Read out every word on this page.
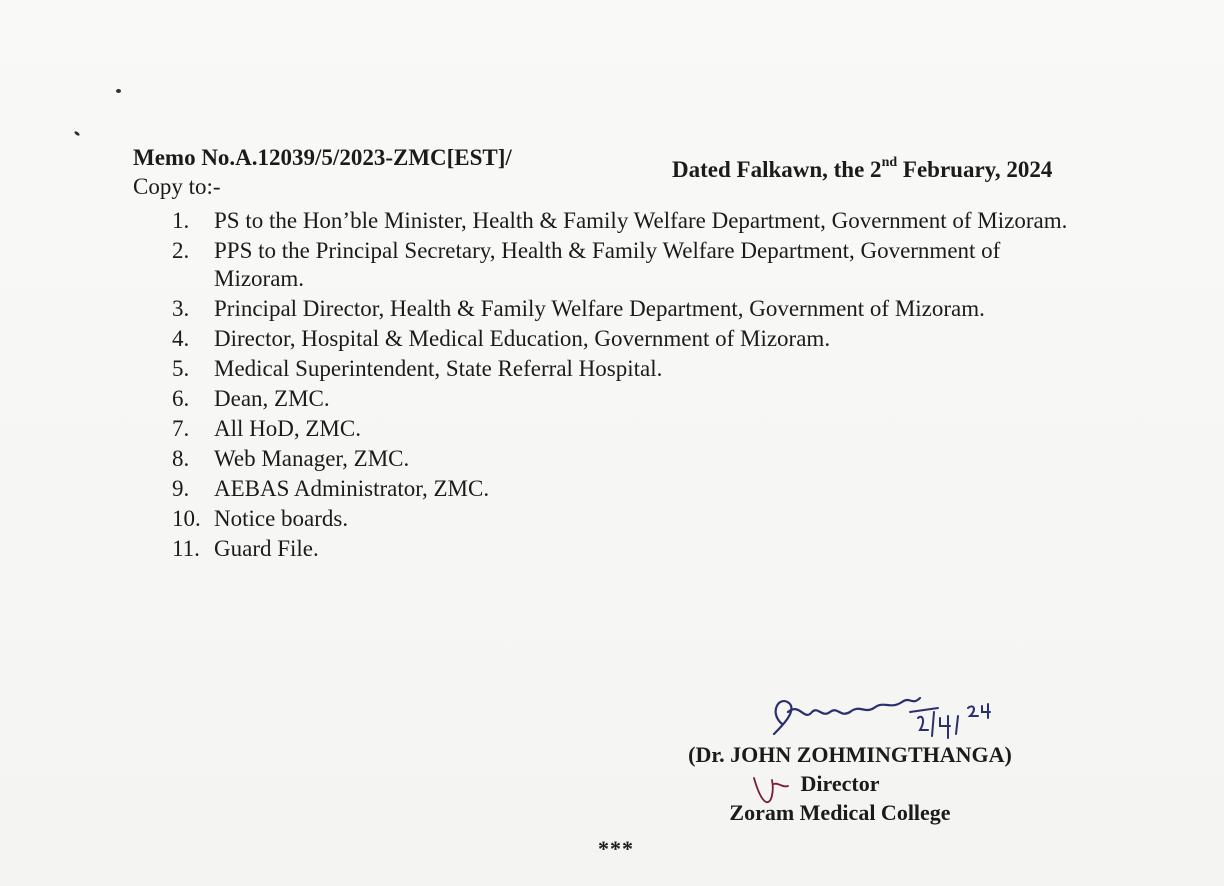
Memo No.A.12039/5/2023-ZMC[EST]/	Dated Falkawn, the 2nd February, 2024
Copy to:-
1.	PS to the Hon’ble Minister, Health & Family Welfare Department, Government of Mizoram.
2.	PPS to the Principal Secretary, Health & Family Welfare Department, Government of Mizoram.
3.	Principal Director, Health & Family Welfare Department, Government of Mizoram.
4.	Director, Hospital & Medical Education, Government of Mizoram.
5.	Medical Superintendent, State Referral Hospital.
6.	Dean, ZMC.
7.	All HoD, ZMC.
8.	Web Manager, ZMC.
9.	AEBAS Administrator, ZMC.
10. Notice boards.
11. Guard File.
(Dr. JOHN ZOHMINGTHANGA)
Director
Zoram Medical College
***
